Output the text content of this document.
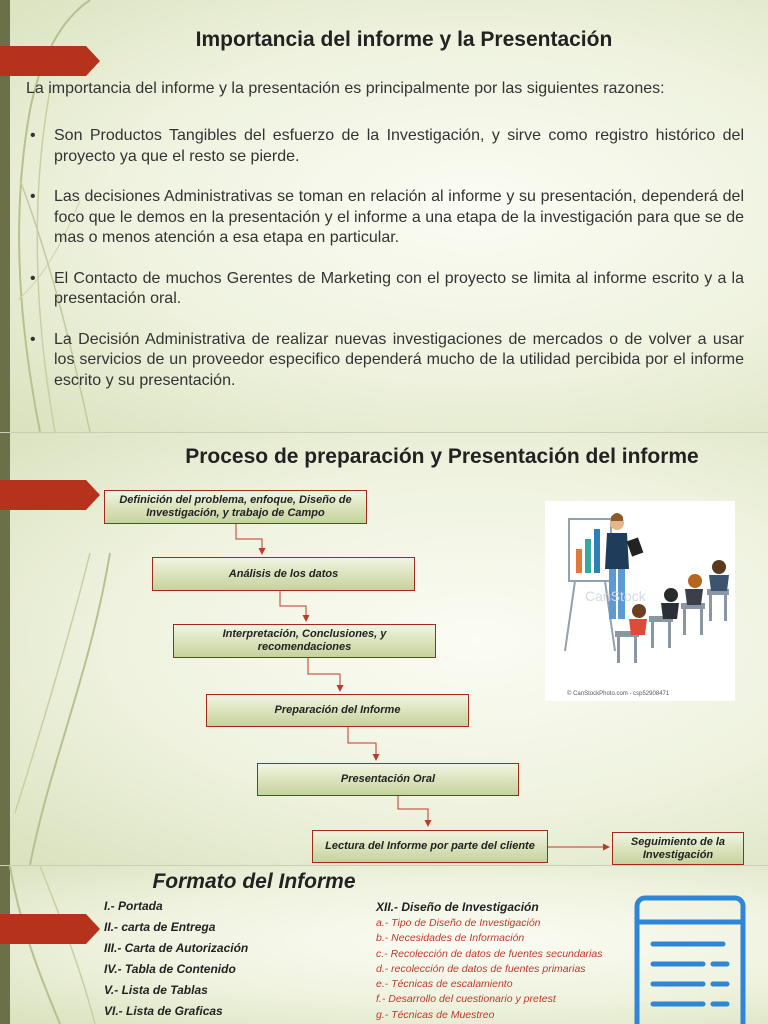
Importancia del informe y la Presentación
La importancia del informe y la presentación es principalmente por las siguientes razones:
• Son Productos Tangibles del esfuerzo de la Investigación, y sirve como registro histórico del proyecto ya que el resto se pierde.
• Las decisiones Administrativas se toman en relación al informe y su presentación, dependerá del foco que le demos en la presentación y el informe a una etapa de la investigación para que se de mas o menos atención a esa etapa en particular.
• El Contacto de muchos Gerentes de Marketing con el proyecto se limita al informe escrito y a la presentación oral.
• La Decisión Administrativa de realizar nuevas investigaciones de mercados o de volver a usar los servicios de un proveedor especifico dependerá mucho de la utilidad percibida por el informe escrito y su presentación.
Proceso de preparación y Presentación del informe
Definición del problema, enfoque, Diseño de Investigación, y trabajo de Campo
Análisis de los datos
Interpretación, Conclusiones, y recomendaciones
Preparación del Informe
Presentación Oral
Lectura del Informe por parte del cliente	Seguimiento de la Investigación
CanStock
© CanStockPhoto.com - csp52908471
Formato del Informe
I.- Portada
II.- carta de Entrega
III.- Carta de Autorización
IV.- Tabla de Contenido
V.- Lista de Tablas
VI.- Lista de Graficas
XII.- Diseño de Investigación
a.- Tipo de Diseño de Investigación
b.- Necesidades de Información
c.- Recolección de datos de fuentes secundarias
d.- recolección de datos de fuentes primarias
e.- Técnicas de escalamiento
f.- Desarrollo del cuestionario y pretest
g.- Técnicas de Muestreo
